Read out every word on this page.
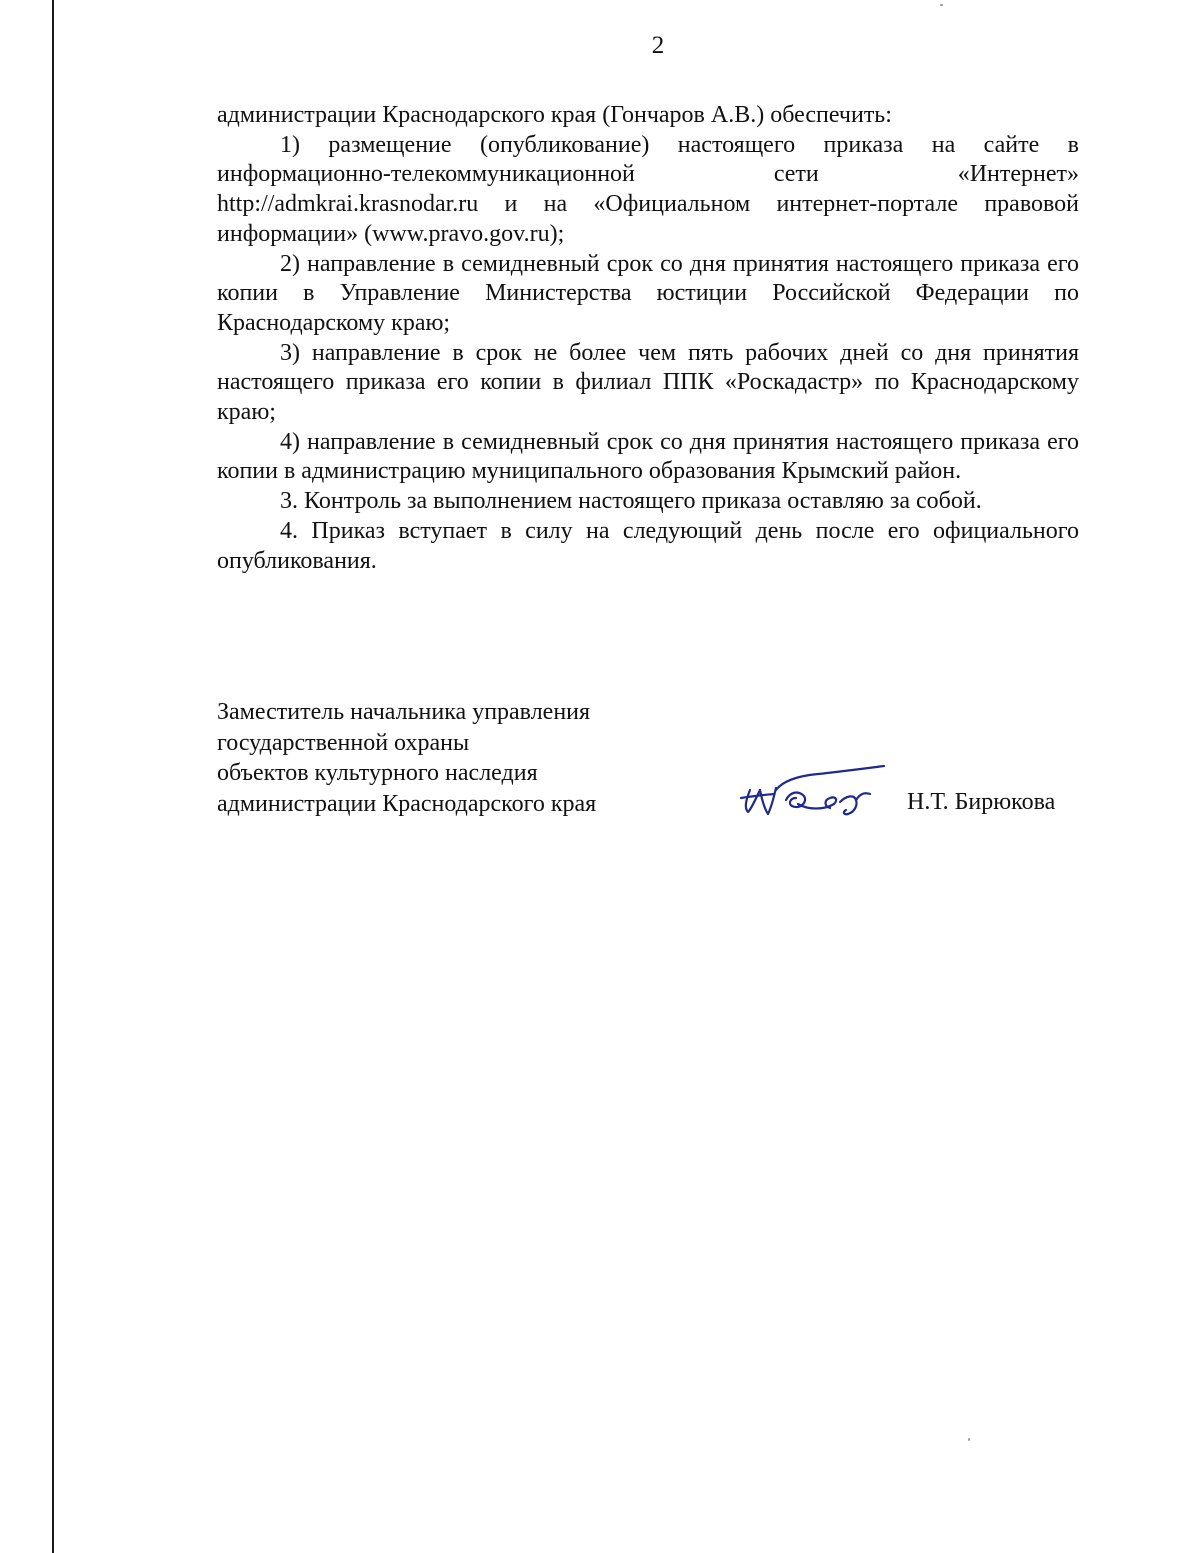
2

администрации Краснодарского края (Гончаров А.В.) обеспечить:

1) размещение (опубликование) настоящего приказа на сайте в информационно-телекоммуникационной сети «Интернет» http://admkrai.krasnodar.ru и на «Официальном интернет-портале правовой информации» (www.pravo.gov.ru);

2) направление в семидневный срок со дня принятия настоящего приказа его копии в Управление Министерства юстиции Российской Федерации по Краснодарскому краю;

3) направление в срок не более чем пять рабочих дней со дня принятия настоящего приказа его копии в филиал ППК «Роскадастр» по Краснодарскому краю;

4) направление в семидневный срок со дня принятия настоящего приказа его копии в администрацию муниципального образования Крымский район.

3. Контроль за выполнением настоящего приказа оставляю за собой.

4. Приказ вступает в силу на следующий день после его официального опубликования.

Заместитель начальника управления
государственной охраны
объектов культурного наследия
администрации Краснодарского края	Н.Т. Бирюкова
